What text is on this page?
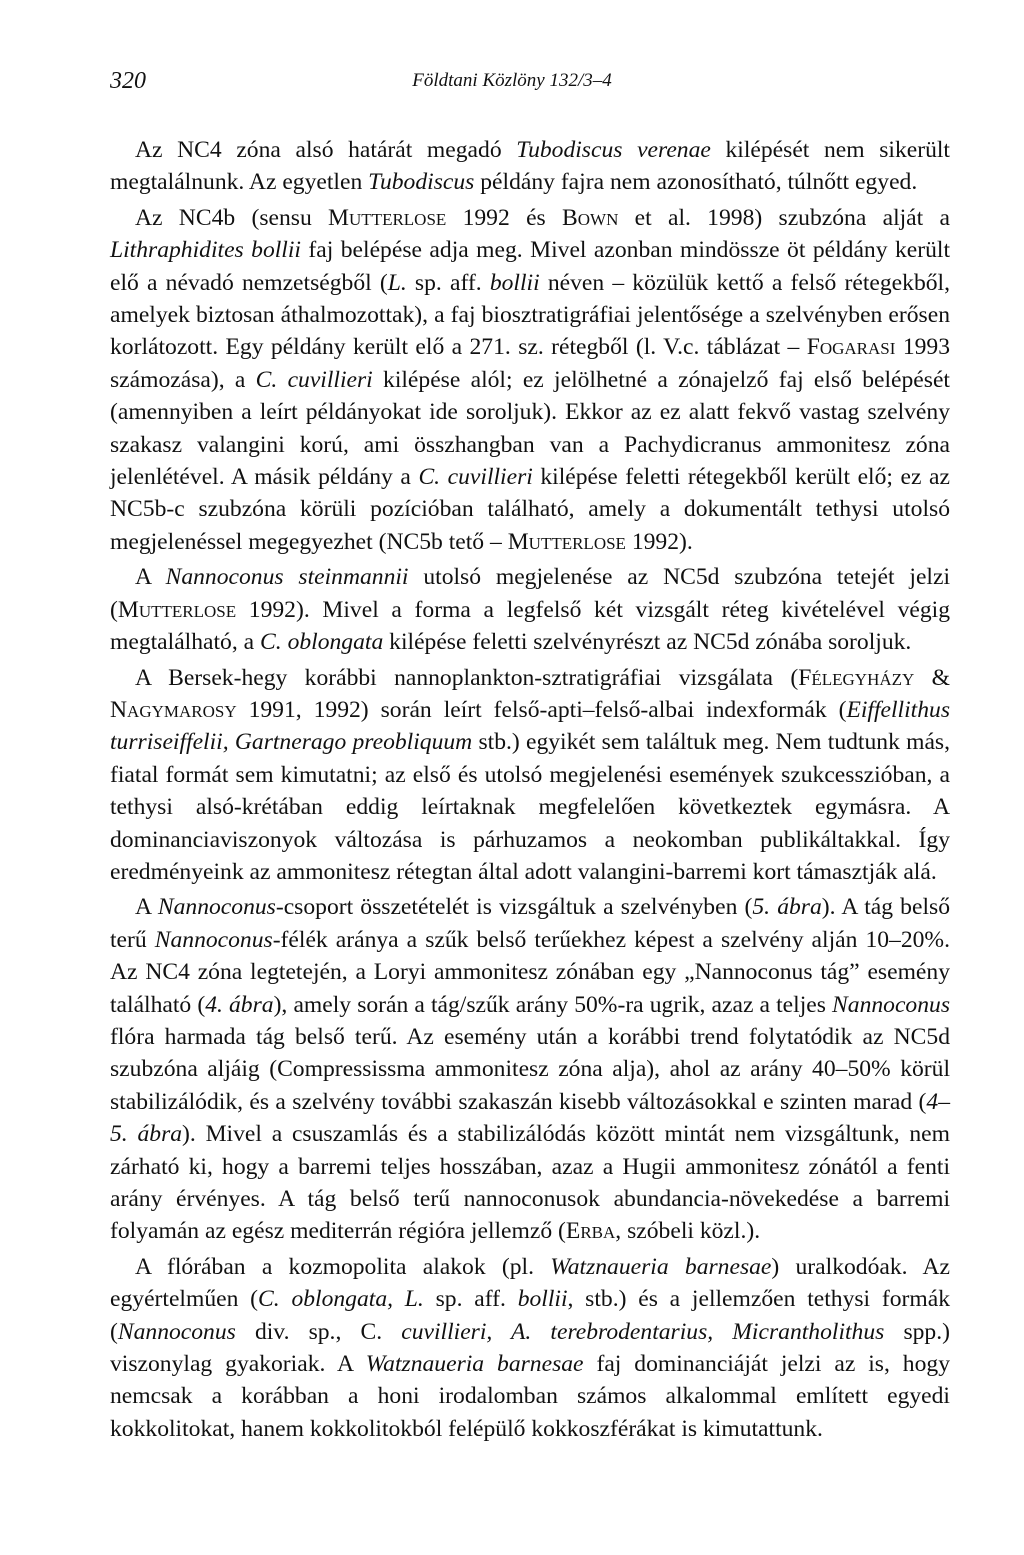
320	Földtani Közlöny 132/3–4

Az NC4 zóna alsó határát megadó Tubodiscus verenae kilépését nem sikerült megtalálnunk. Az egyetlen Tubodiscus példány fajra nem azonosítható, túlnőtt egyed.

Az NC4b (sensu Mutterlose 1992 és Bown et al. 1998) szubzóna alját a Lithraphidites bollii faj belépése adja meg. Mivel azonban mindössze öt példány került elő a névadó nemzetségből (L. sp. aff. bollii néven – közülük kettő a felső rétegekből, amelyek biztosan áthalmozottak), a faj biosztratigráfiai jelentősége a szelvényben erősen korlátozott. Egy példány került elő a 271. sz. rétegből (l. V.c. táblázat – Fogarasi 1993 számozása), a C. cuvillieri kilépése alól; ez jelölhetné a zónajelző faj első belépését (amennyiben a leírt példányokat ide soroljuk). Ekkor az ez alatt fekvő vastag szelvény szakasz valangini korú, ami összhangban van a Pachydicranus ammonitesz zóna jelenlétével. A másik példány a C. cuvillieri kilépése feletti rétegekből került elő; ez az NC5b-c szubzóna körüli pozícióban található, amely a dokumentált tethysi utolsó megjelenéssel megegyezhet (NC5b tető – Mutterlose 1992).

A Nannoconus steinmannii utolsó megjelenése az NC5d szubzóna tetejét jelzi (Mutterlose 1992). Mivel a forma a legfelső két vizsgált réteg kivételével végig megtalálható, a C. oblongata kilépése feletti szelvényrészt az NC5d zónába soroljuk.

A Bersek-hegy korábbi nannoplankton-sztratigráfiai vizsgálata (Félegyházy & Nagymarosy 1991, 1992) során leírt felső-apti–felső-albai indexformák (Eiffellithus turriseiffelii, Gartnerago preobliquum stb.) egyikét sem találtuk meg. Nem tudtunk más, fiatal formát sem kimutatni; az első és utolsó megjelenési események szukcesszióban, a tethysi alsó-krétában eddig leírtaknak megfelelően következtek egymásra. A dominanciaviszonyok változása is párhuzamos a neokomban publikáltakkal. Így eredményeink az ammonitesz rétegtan által adott valangini-barremi kort támasztják alá.

A Nannoconus-csoport összetételét is vizsgáltuk a szelvényben (5. ábra). A tág belső terű Nannoconus-félék aránya a szűk belső terűekhez képest a szelvény alján 10–20%. Az NC4 zóna legtetején, a Loryi ammonitesz zónában egy „Nannoconus tág” esemény található (4. ábra), amely során a tág/szűk arány 50%-ra ugrik, azaz a teljes Nannoconus flóra harmada tág belső terű. Az esemény után a korábbi trend folytatódik az NC5d szubzóna aljáig (Compressissma ammonitesz zóna alja), ahol az arány 40–50% körül stabilizálódik, és a szelvény további szakaszán kisebb változásokkal e szinten marad (4–5. ábra). Mivel a csuszamlás és a stabilizálódás között mintát nem vizsgáltunk, nem zárható ki, hogy a barremi teljes hosszában, azaz a Hugii ammonitesz zónától a fenti arány érvényes. A tág belső terű nannoconusok abundancia-növekedése a barremi folyamán az egész mediterrán régióra jellemző (Erba, szóbeli közl.).

A flórában a kozmopolita alakok (pl. Watznaueria barnesae) uralkodóak. Az egyértelműen (C. oblongata, L. sp. aff. bollii, stb.) és a jellemzően tethysi formák (Nannoconus div. sp., C. cuvillieri, A. terebrodentarius, Micrantholithus spp.) viszonylag gyakoriak. A Watznaueria barnesae faj dominanciáját jelzi az is, hogy nemcsak a korábban a honi irodalomban számos alkalommal említett egyedi kokkolitokat, hanem kokkolitokból felépülő kokkoszférákat is kimutattunk.
